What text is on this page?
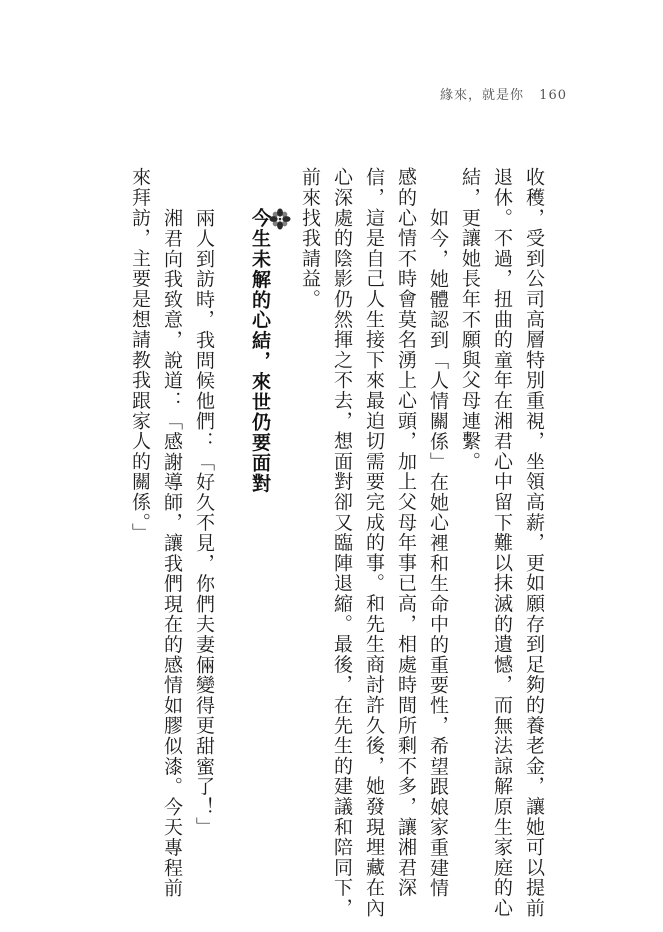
緣來，就是你 160
收穫，受到公司高層特別重視，坐領高薪，更如願存到足夠的養老金，讓她可以提前
退休。不過，扭曲的童年在湘君心中留下難以抹滅的遺憾，而無法諒解原生家庭的心
結，更讓她長年不願與父母連繫。
如今，她體認到「人情關係」在她心裡和生命中的重要性，希望跟娘家重建情
感的心情不時會莫名湧上心頭，加上父母年事已高，相處時間所剩不多，讓湘君深
信，這是自己人生接下來最迫切需要完成的事。和先生商討許久後，她發現埋藏在內
心深處的陰影仍然揮之不去，想面對卻又臨陣退縮。最後，在先生的建議和陪同下，
前來找我請益。
今生未解的心結，來世仍要面對
兩人到訪時，我問候他們：「好久不見，你們夫妻倆變得更甜蜜了！」
湘君向我致意，說道：「感謝導師，讓我們現在的感情如膠似漆。今天專程前
來拜訪，主要是想請教我跟家人的關係。」
